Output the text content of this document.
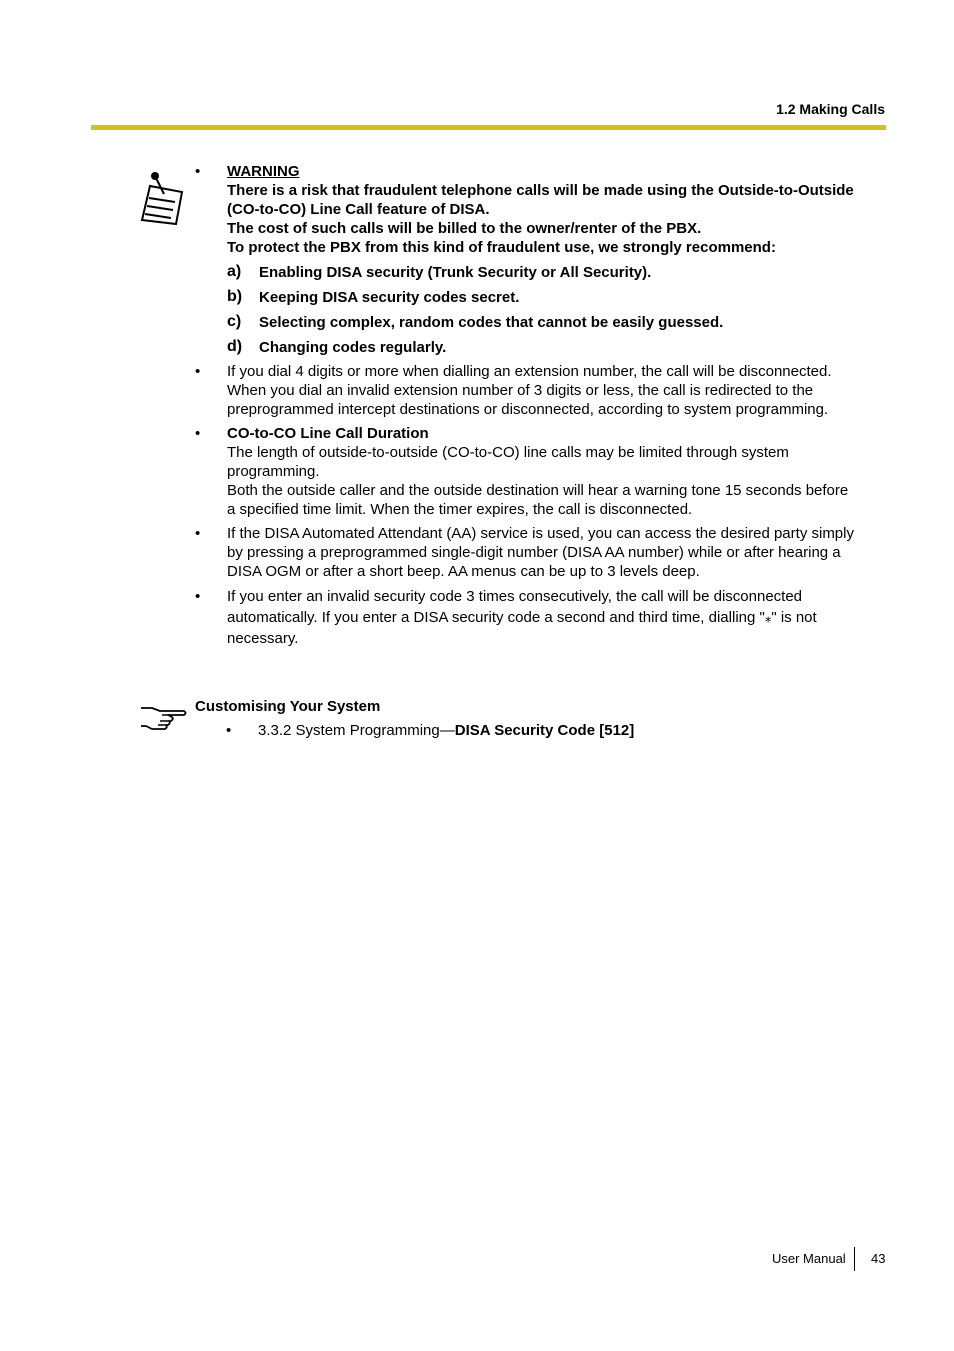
1.2 Making Calls
• WARNING
There is a risk that fraudulent telephone calls will be made using the Outside-to-Outside (CO-to-CO) Line Call feature of DISA.
The cost of such calls will be billed to the owner/renter of the PBX.
To protect the PBX from this kind of fraudulent use, we strongly recommend:
a) Enabling DISA security (Trunk Security or All Security).
b) Keeping DISA security codes secret.
c) Selecting complex, random codes that cannot be easily guessed.
d) Changing codes regularly.
• If you dial 4 digits or more when dialling an extension number, the call will be disconnected. When you dial an invalid extension number of 3 digits or less, the call is redirected to the preprogrammed intercept destinations or disconnected, according to system programming.
• CO-to-CO Line Call Duration
The length of outside-to-outside (CO-to-CO) line calls may be limited through system programming.
Both the outside caller and the outside destination will hear a warning tone 15 seconds before a specified time limit. When the timer expires, the call is disconnected.
• If the DISA Automated Attendant (AA) service is used, you can access the desired party simply by pressing a preprogrammed single-digit number (DISA AA number) while or after hearing a DISA OGM or after a short beep. AA menus can be up to 3 levels deep.
• If you enter an invalid security code 3 times consecutively, the call will be disconnected automatically. If you enter a DISA security code a second and third time, dialling "⁎" is not necessary.
Customising Your System
• 3.3.2 System Programming—DISA Security Code [512]
User Manual 43
